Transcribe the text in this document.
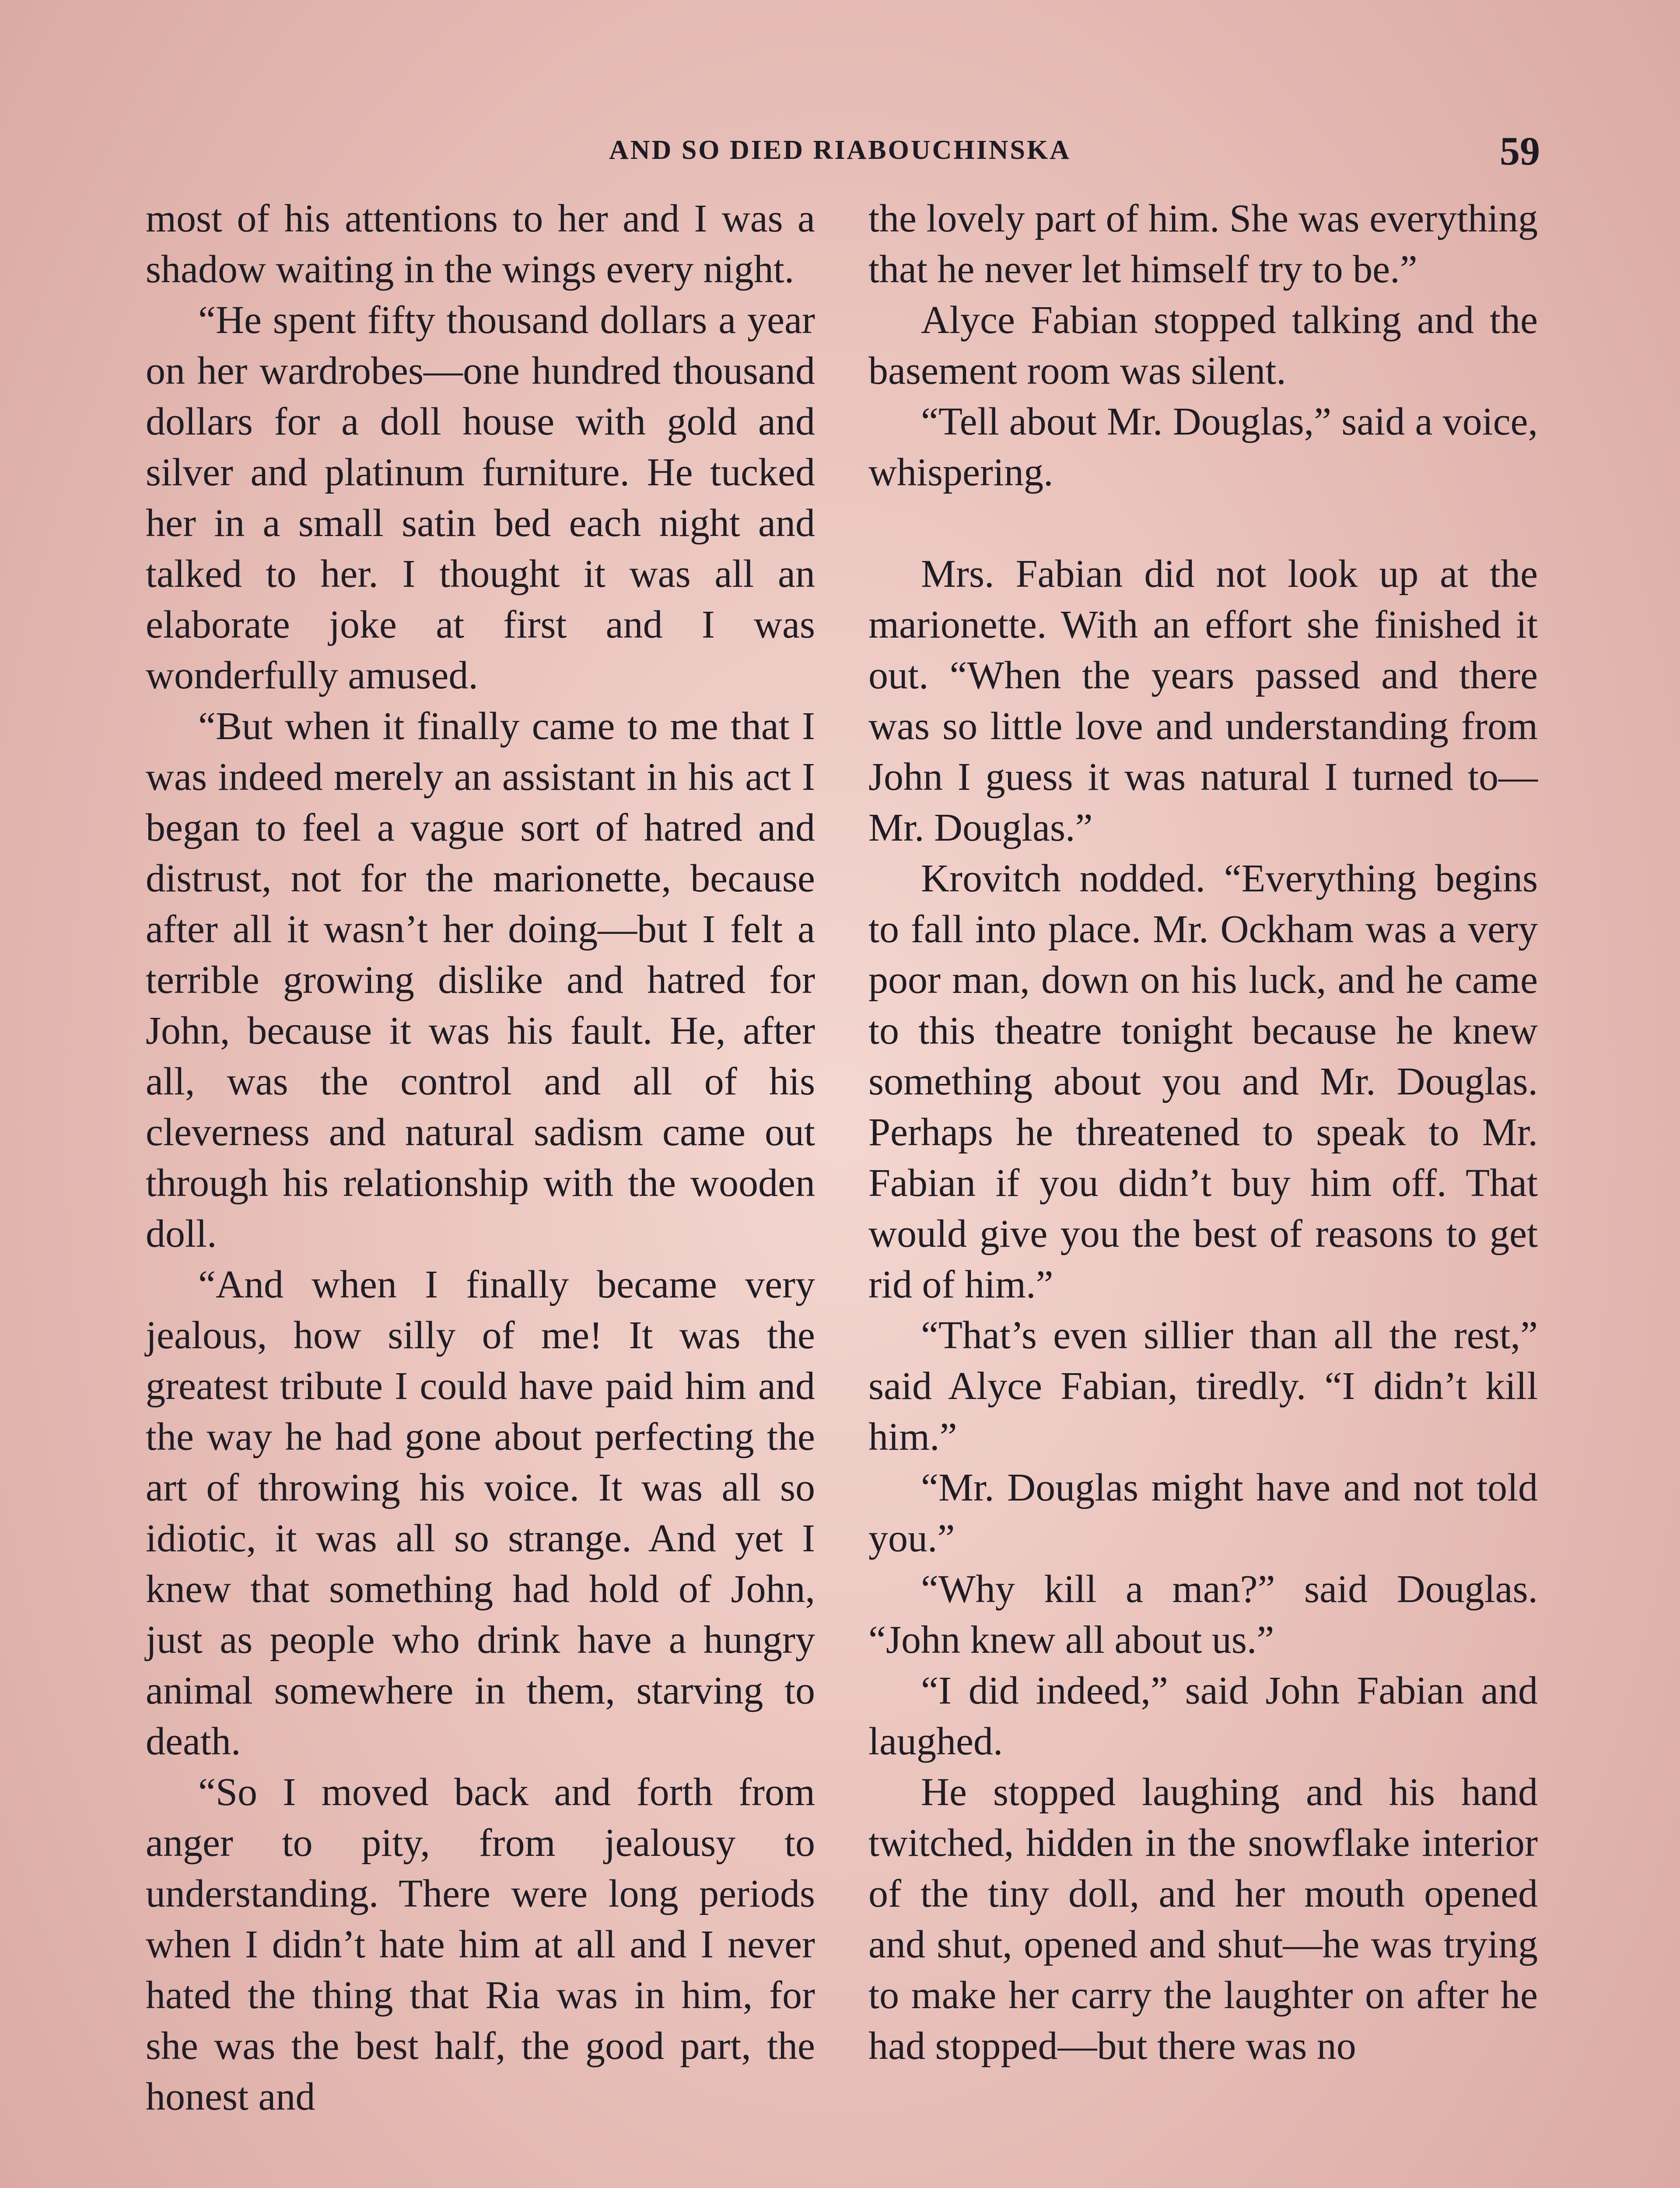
AND SO DIED RIABOUCHINSKA	59

most of his attentions to her and I was a shadow waiting in the wings every night.

“He spent fifty thousand dollars a year on her wardrobes—one hundred thousand dollars for a doll house with gold and silver and platinum furniture. He tucked her in a small satin bed each night and talked to her. I thought it was all an elaborate joke at first and I was wonderfully amused.

“But when it finally came to me that I was indeed merely an assistant in his act I began to feel a vague sort of hatred and distrust, not for the marionette, because after all it wasn’t her doing—but I felt a terrible growing dislike and hatred for John, because it was his fault. He, after all, was the control and all of his cleverness and natural sadism came out through his relationship with the wooden doll.

“And when I finally became very jealous, how silly of me! It was the greatest tribute I could have paid him and the way he had gone about perfecting the art of throwing his voice. It was all so idiotic, it was all so strange. And yet I knew that something had hold of John, just as people who drink have a hungry animal somewhere in them, starving to death.

“So I moved back and forth from anger to pity, from jealousy to understanding. There were long periods when I didn’t hate him at all and I never hated the thing that Ria was in him, for she was the best half, the good part, the honest and

the lovely part of him. She was everything that he never let himself try to be.”

Alyce Fabian stopped talking and the basement room was silent.

“Tell about Mr. Douglas,” said a voice, whispering.

Mrs. Fabian did not look up at the marionette. With an effort she finished it out. “When the years passed and there was so little love and understanding from John I guess it was natural I turned to—Mr. Douglas.”

Krovitch nodded. “Everything begins to fall into place. Mr. Ockham was a very poor man, down on his luck, and he came to this theatre tonight because he knew something about you and Mr. Douglas. Perhaps he threatened to speak to Mr. Fabian if you didn’t buy him off. That would give you the best of reasons to get rid of him.”

“That’s even sillier than all the rest,” said Alyce Fabian, tiredly. “I didn’t kill him.”

“Mr. Douglas might have and not told you.”

“Why kill a man?” said Douglas. “John knew all about us.”

“I did indeed,” said John Fabian and laughed.

He stopped laughing and his hand twitched, hidden in the snowflake interior of the tiny doll, and her mouth opened and shut, opened and shut—he was trying to make her carry the laughter on after he had stopped—but there was no
